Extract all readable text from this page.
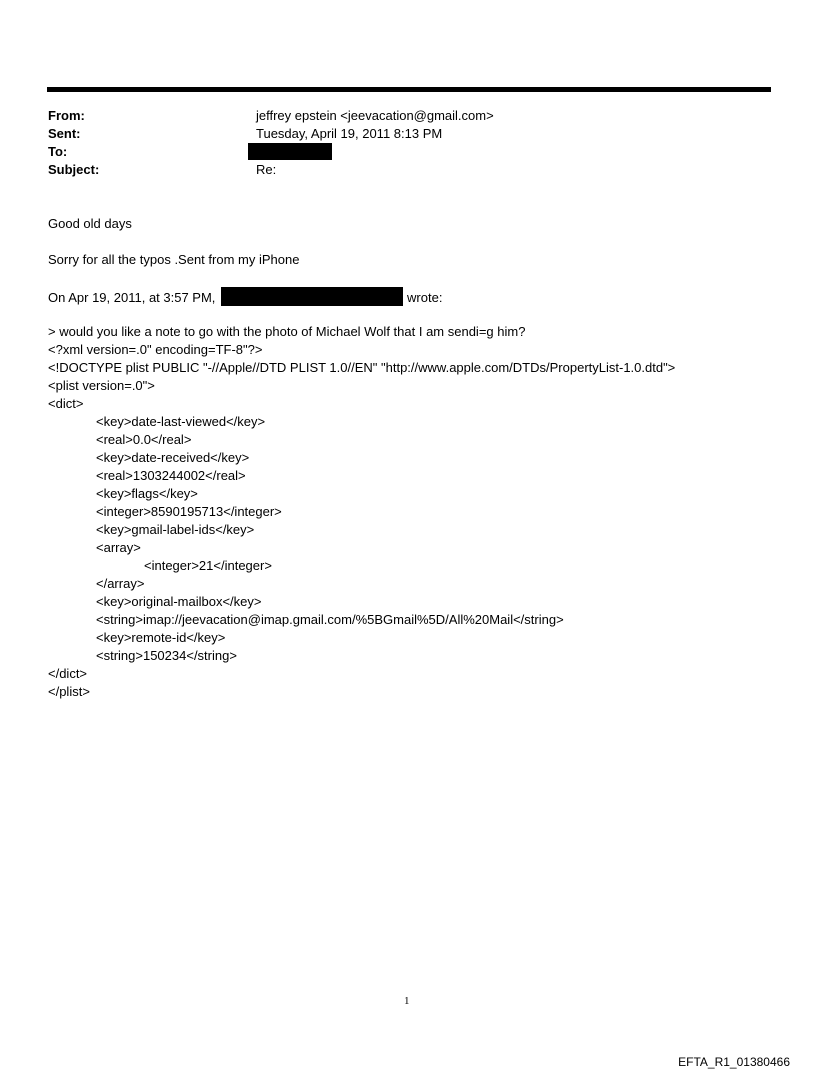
From:	jeffrey epstein <jeevacation@gmail.com>
Sent:	Tuesday, April 19, 2011 8:13 PM
To:
Subject:	Re:
Good old days
Sorry for all the typos .Sent from my iPhone
On Apr 19, 2011, at 3:57 PM,	wrote:
> would you like a note to go with the photo of Michael Wolf that I am sendi=g him?
<?xml version=.0" encoding=TF-8"?>
<!DOCTYPE plist PUBLIC "-//Apple//DTD PLIST 1.0//EN" "http://www.apple.com/DTDs/PropertyList-1.0.dtd">
<plist version=.0">
<dict>
<key>date-last-viewed</key>
<real>0.0</real>
<key>date-received</key>
<real>1303244002</real>
<key>flags</key>
<integer>8590195713</integer>
<key>gmail-label-ids</key>
<array>
<integer>21</integer>
</array>
<key>original-mailbox</key>
<string>imap://jeevacation@imap.gmail.com/%5BGmail%5D/All%20Mail</string>
<key>remote-id</key>
<string>150234</string>
</dict>
</plist>
1
EFTA_R1_01380466
